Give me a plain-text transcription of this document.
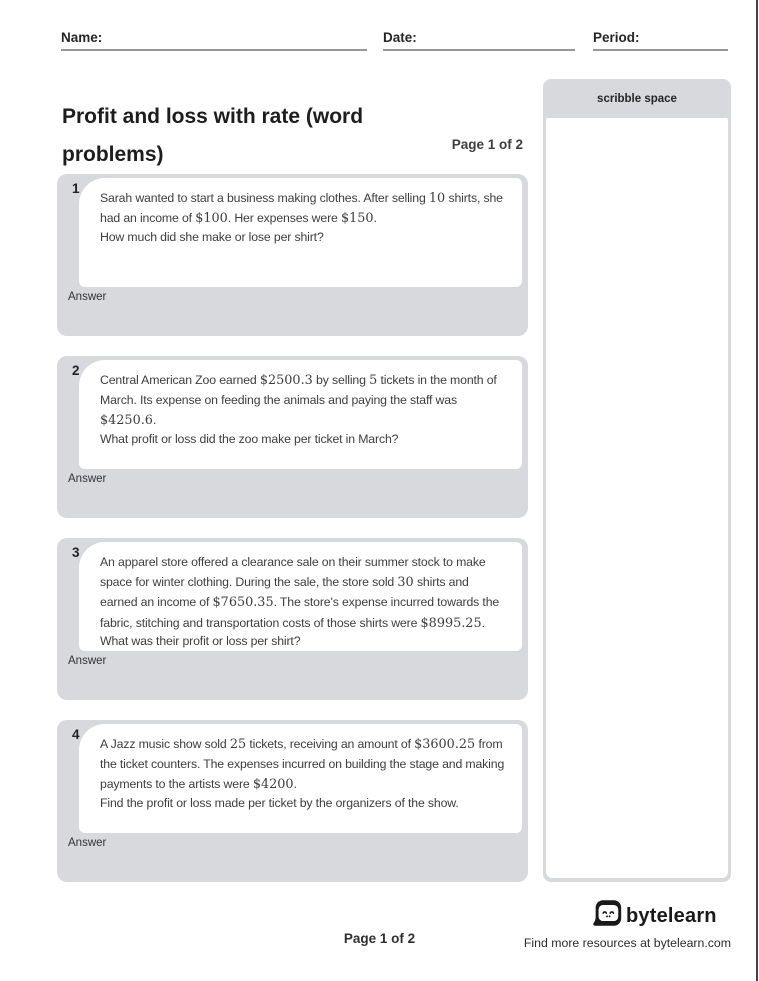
Name:	Date:	Period:
Profit and loss with rate (word problems)	Page 1 of 2
1

Sarah wanted to start a business making clothes. After selling 10 shirts, she had an income of $100. Her expenses were $150.

How much did she make or lose per shirt?
Answer
2

Central American Zoo earned $2500.3 by selling 5 tickets in the month of March. Its expense on feeding the animals and paying the staff was $4250.6.

What profit or loss did the zoo make per ticket in March?
Answer
3

An apparel store offered a clearance sale on their summer stock to make space for winter clothing. During the sale, the store sold 30 shirts and earned an income of $7650.35. The store's expense incurred towards the fabric, stitching and transportation costs of those shirts were $8995.25.

What was their profit or loss per shirt?
Answer
4

A Jazz music show sold 25 tickets, receiving an amount of $3600.25 from the ticket counters. The expenses incurred on building the stage and making payments to the artists were $4200.

Find the profit or loss made per ticket by the organizers of the show.
Answer
scribble space
Page 1 of 2
bytelearn
Find more resources at bytelearn.com
